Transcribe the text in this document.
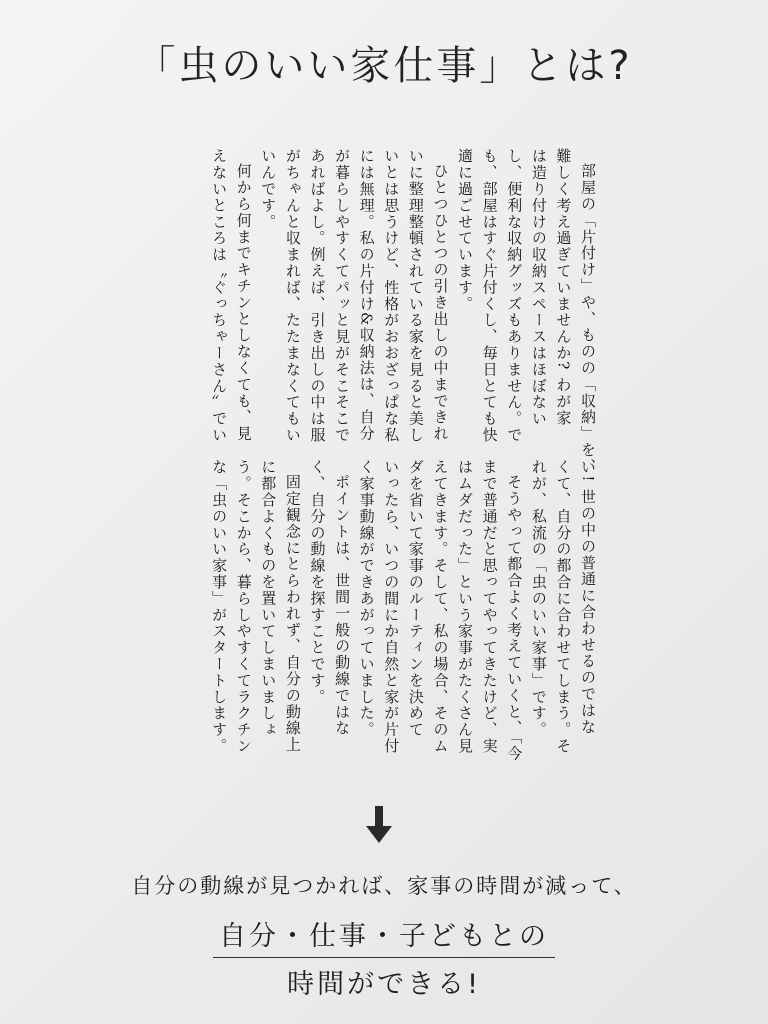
「虫のいい家仕事」とは?

部屋の「片付け」や、ものの「収納」を、
難しく考え過ぎていませんか? わが家
は造り付けの収納スペースはほぼない
し、便利な収納グッズもありません。で
も、部屋はすぐ片付くし、毎日とても快
適に過ごせています。

ひとつひとつの引き出しの中まできれ
いに整理整頓されている家を見ると美し
いとは思うけど、性格がおおざっぱな私
には無理。私の片付け&収納法は、自分
が暮らしやすくてパッと見がそこそこで
あればよし。例えば、引き出しの中は服
がちゃんと収まれば、たたまなくてもい
いんです。

何から何までキチンとしなくても、見
えないところは〝ぐっちゃーさん〟でい

い! 世の中の普通に合わせるのではな
くて、自分の都合に合わせてしまう。そ
れが、私流の「虫のいい家事」です。

そうやって都合よく考えていくと、「今
まで普通だと思ってやってきたけど、実
はムダだった」という家事がたくさん見
えてきます。そして、私の場合、そのム
ダを省いて家事のルーティンを決めて
いったら、いつの間にか自然と家が片付
く家事動線ができあがっていました。

ポイントは、世間一般の動線ではな
く、自分の動線を探すことです。

固定観念にとらわれず、自分の動線上
に都合よくものを置いてしまいましょ
う。そこから、暮らしやすくてラクチン
な「虫のいい家事」がスタートします。

自分の動線が見つかれば、家事の時間が減って、
自分・仕事・子どもとの
時間ができる!
